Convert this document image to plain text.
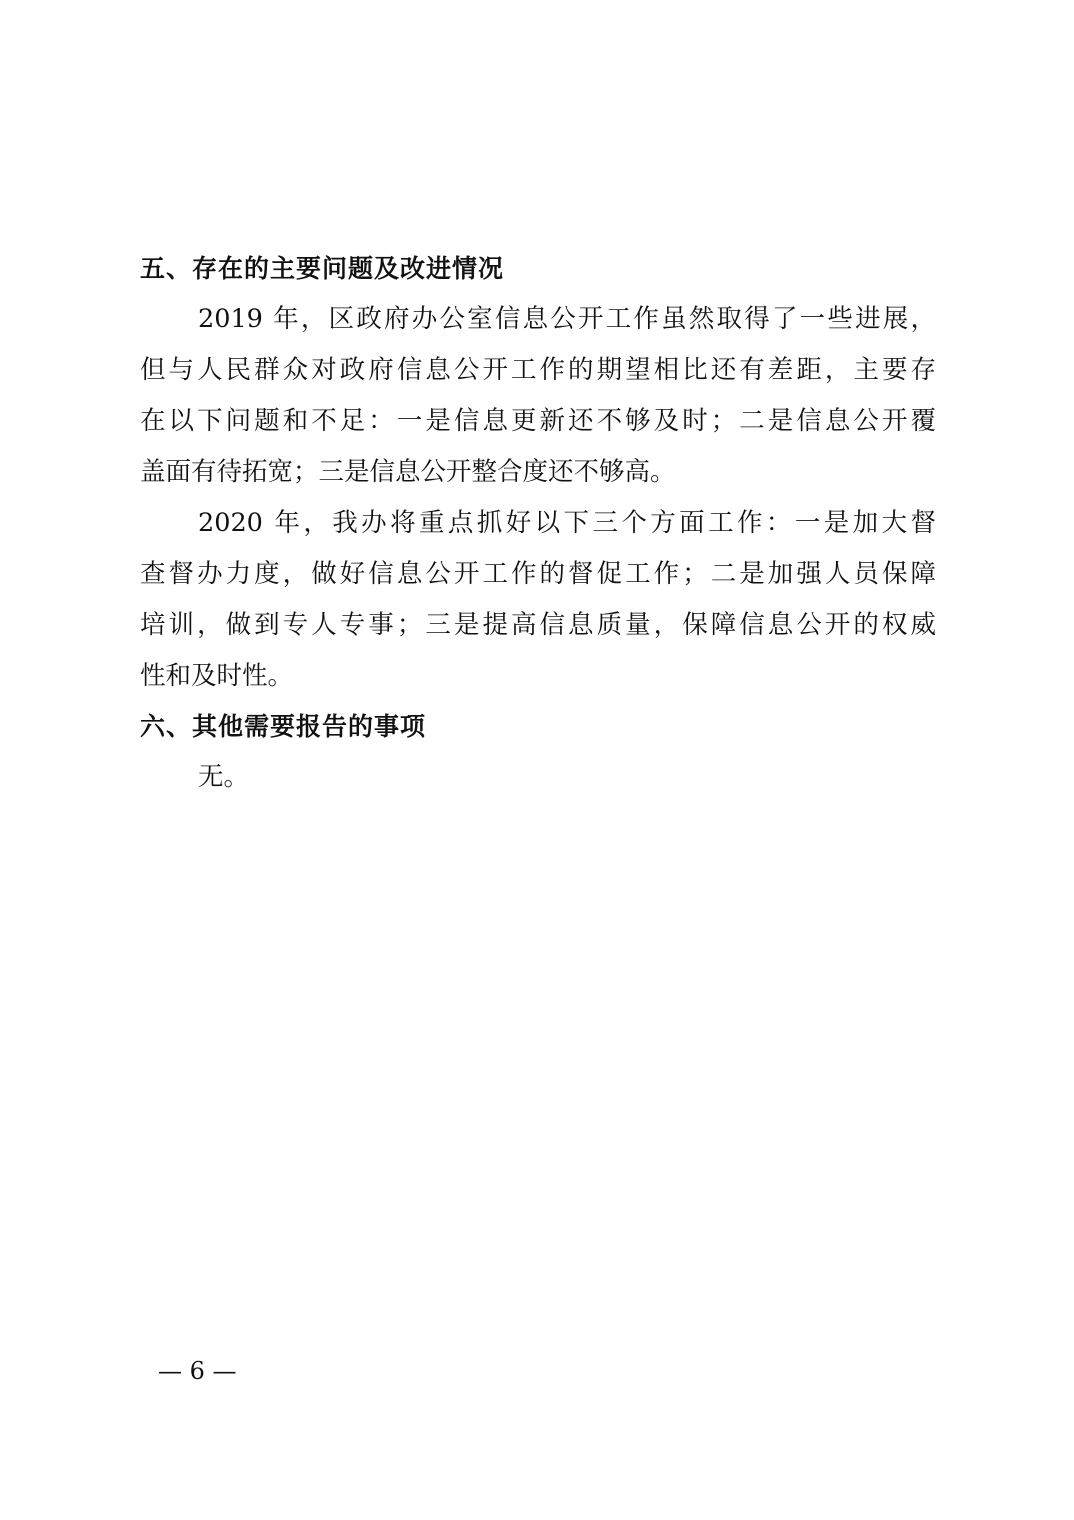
五、存在的主要问题及改进情况
2019 年，区政府办公室信息公开工作虽然取得了一些进展，
但与人民群众对政府信息公开工作的期望相比还有差距，主要存
在以下问题和不足：一是信息更新还不够及时；二是信息公开覆
盖面有待拓宽；三是信息公开整合度还不够高。
2020 年，我办将重点抓好以下三个方面工作：一是加大督
查督办力度，做好信息公开工作的督促工作；二是加强人员保障
培训，做到专人专事；三是提高信息质量，保障信息公开的权威
性和及时性。
六、其他需要报告的事项
无。
— 6 —
